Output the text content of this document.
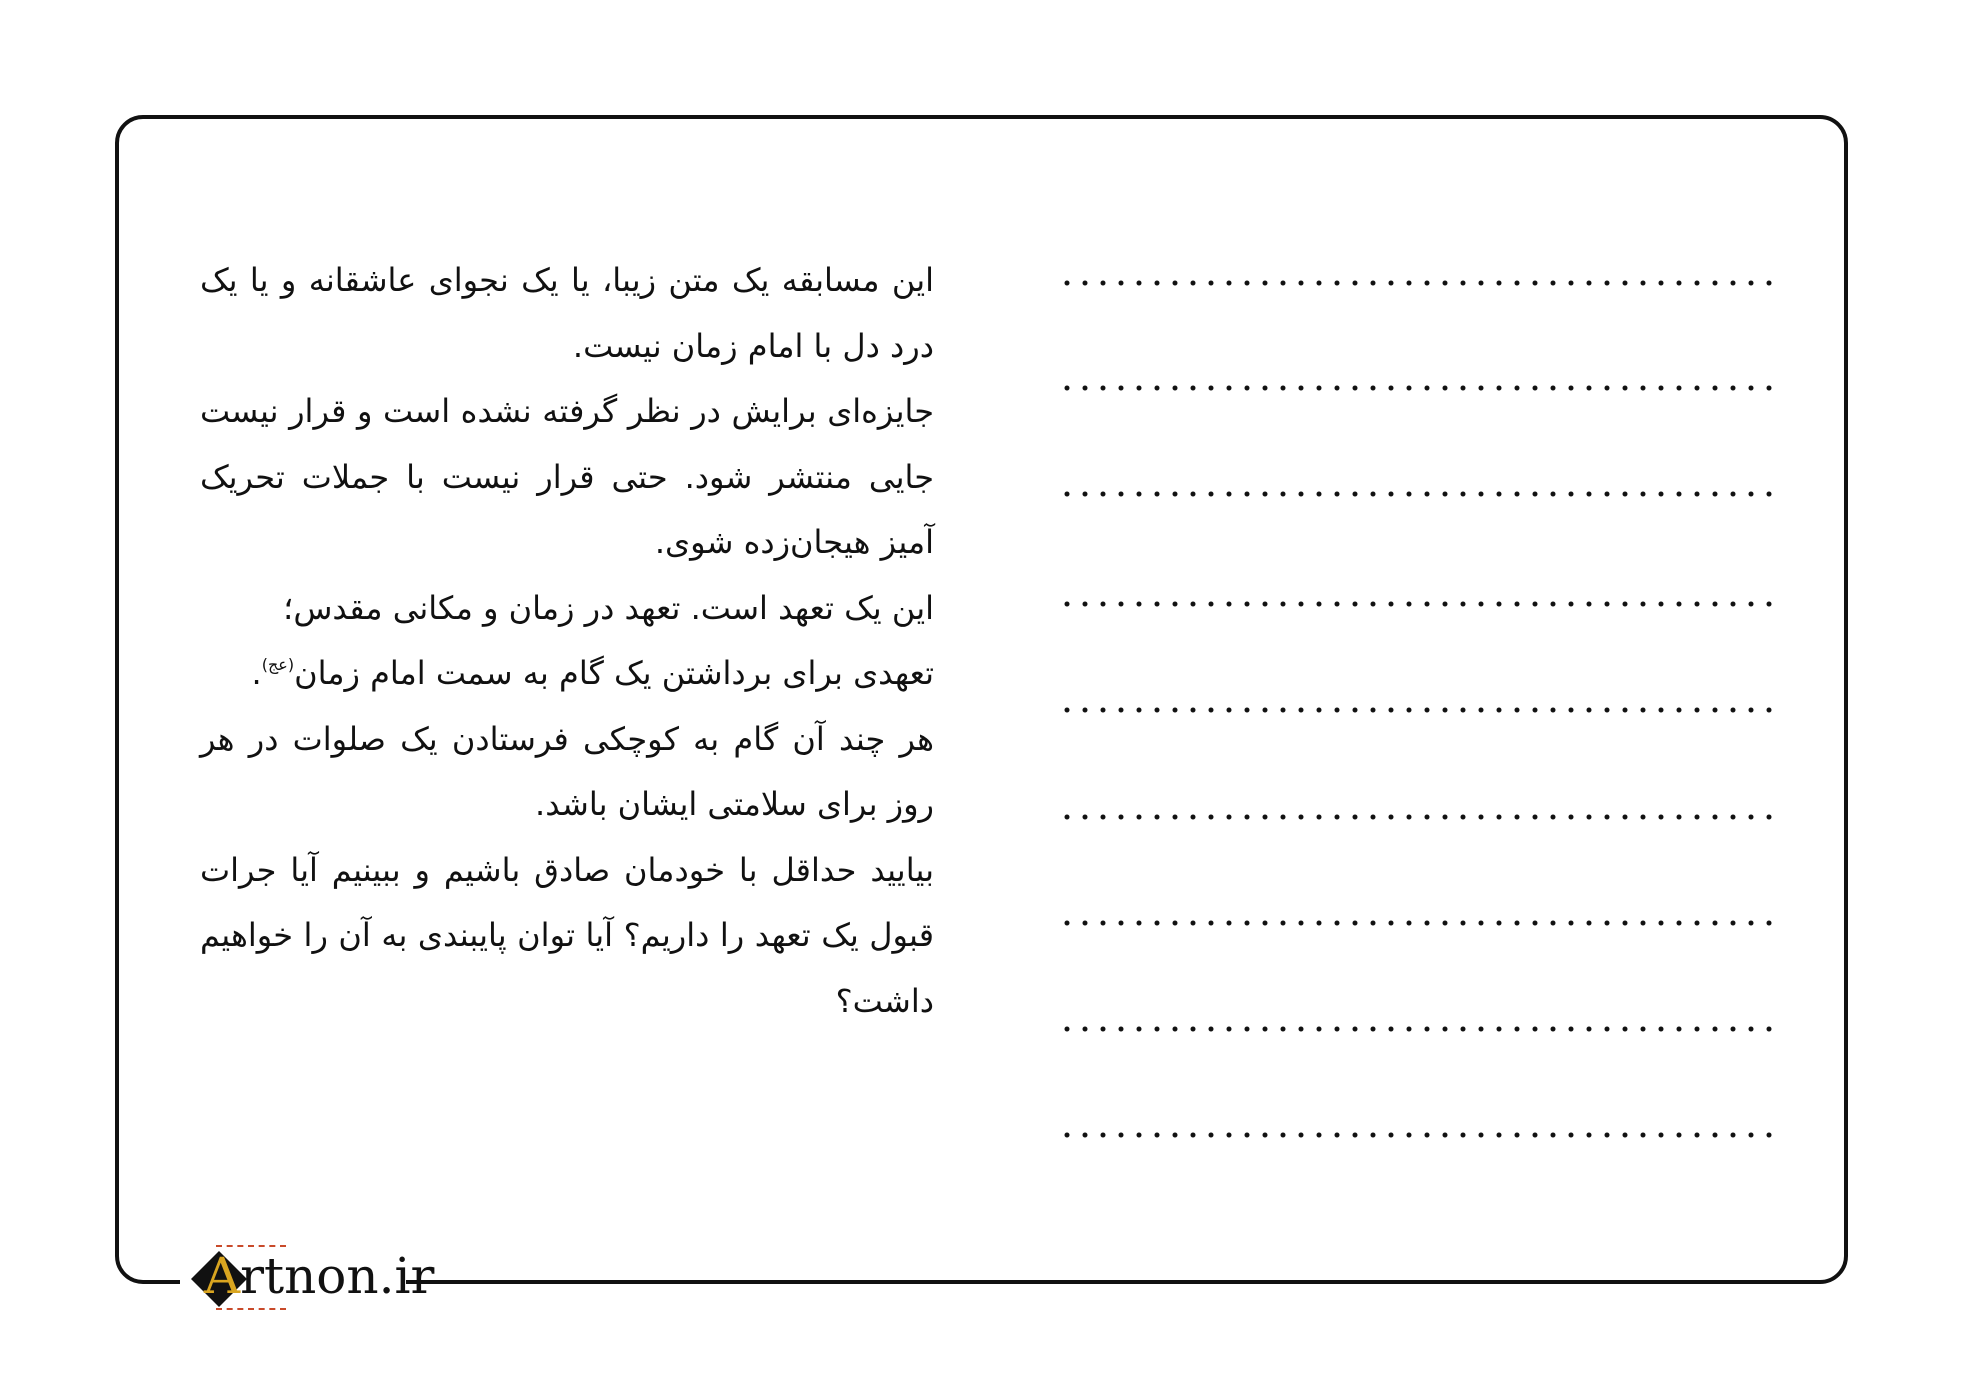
این مسابقه یک متن زیبا، یا یک نجوای عاشقانه و یا یک درد دل با امام زمان نیست.

جایزه‌ای برایش در نظر گرفته نشده است و قرار نیست جایی منتشر شود. حتی قرار نیست با جملات تحریک آمیز هیجان‌زده شوی.

این یک تعهد است. تعهد در زمان و مکانی مقدس؛

تعهدی برای برداشتن یک گام به سمت امام زمان$^{(عج)}$.

هر چند آن گام به کوچکی فرستادن یک صلوات در هر روز برای سلامتی ایشان باشد.

بیایید حداقل با خودمان صادق باشیم و ببینیم آیا جرات قبول یک تعهد را داریم؟ آیا توان پایبندی به آن را خواهیم داشت؟

Artnon.ir
